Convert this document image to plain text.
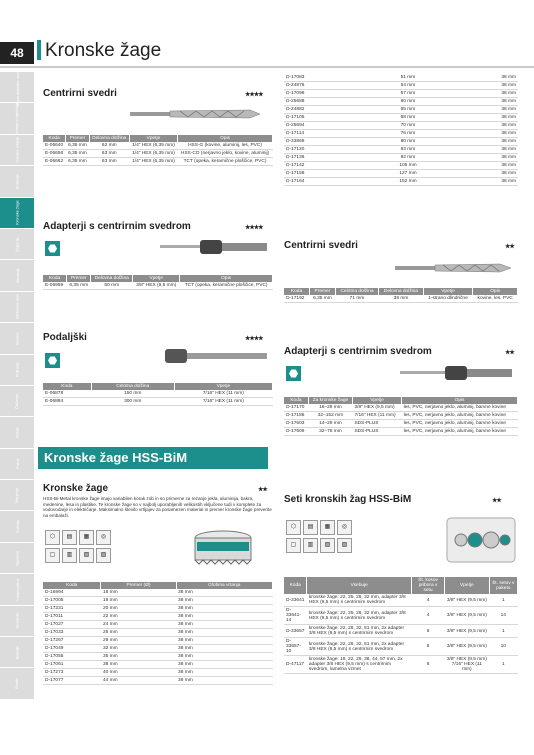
48	Kronske žage
Akumulatorsko orodje
Vrtanje in vijačenje
Udarno vrtanje
Brušenje
Kronske žage
Žaganje
Rezanje
Obdelava lesa
Kovine
Poliranje
Čiščenje
Ostalo
Pribor
Merjenje
Zaščita
Oprema
Vrtalni pribor
Sesalniki
Baterije
Servis
Centrirni svedri	★★★★
Koda	Premer	Delovna dolžina	Vpetje	Opis
E-06640	6,35 mm	62 mm	1/4" HEX (6,35 mm)	HSS-G (kovine, aluminij, les, PVC)
E-06656	6,35 mm	63 mm	1/4" HEX (6,35 mm)	HSS-CO (nerjavno jeklo, kovine, aluminij)
E-06662	6,35 mm	63 mm	1/4" HEX (6,35 mm)	TCT (opeka, keramične ploščice, PVC)
Adapterji s centrirnim svedrom	★★★★
Koda	Premer	Delovna dolžina	Vpetje	Opis
E-06959	6,35 mm	50 mm	3/8" HEX (9,5 mm)	TCT (opeka, keramične ploščice, PVC)
Podaljški	★★★★
Koda	Celotna dolžina	Vpetje
E-06878	150 mm	7/16" HEX (11 mm)
E-06884	300 mm	7/16" HEX (11 mm)
Kronske žage HSS-BiM
Kronske žage	★★
HSS-Bi-Metal kronske žage imajo variabilen korak zob in so primerne za rezanje jekla, aluminija, bakra, medenine, lesa in plastike. Te kronske žage so v najbolj uporabljenih velikostih vključene tudi v komplete za vodovodarje in električarje. Maksimalno število vrtljajev za posamezen material in premer kronske žage preverite na embalaži.
⬡	▤	▦	◎
▢	▥	▧	▨
Koda	Premer (Ø)	Globina vrtanja
D-16994	16 mm	38 mm
D-17005	19 mm	38 mm
D-17231	20 mm	38 mm
D-17011	22 mm	38 mm
D-17027	24 mm	38 mm
D-17033	25 mm	38 mm
D-17267	29 mm	38 mm
D-17049	32 mm	38 mm
D-17055	35 mm	38 mm
D-17061	38 mm	38 mm
D-17273	40 mm	38 mm
D-17077	44 mm	38 mm
D-17083	51 mm	38 mm
D-24876	54 mm	38 mm
D-17099	57 mm	38 mm
D-25688	60 mm	38 mm
D-24882	65 mm	38 mm
D-17105	68 mm	38 mm
D-25694	70 mm	38 mm
D-17114	76 mm	38 mm
D-33869	80 mm	38 mm
D-17120	83 mm	38 mm
D-17136	92 mm	38 mm
D-17142	105 mm	38 mm
D-17158	127 mm	38 mm
D-17164	152 mm	38 mm
Centrirni svedri	★★
Koda	Premer	Celotna dolžina	Delovna dolžina	Vpetje	Opis
D-17192	6,35 mm	71 mm	38 mm	1-strano dlindrične	kovine, les, PVC
Adapterji s centrirnim svedrom	★★
Koda	Za kronske žage	Vpetje	Opis
D-17170	16–29 mm	3/8" HEX (9,5 mm)	les, PVC, nerjavno jeklo, aluminij, barvne kovine
D-17186	32–152 mm	7/16" HEX (11 mm)	les, PVC, nerjavno jeklo, aluminij, barvne kovine
D-17603	14–29 mm	SDS-PLUS	les, PVC, nerjavno jeklo, aluminij, barvne kovine
D-17609	32–76 mm	SDS-PLUS	les, PVC, nerjavno jeklo, aluminij, barvne kovine
Seti kronskih žag HSS-BiM	★★
⬡	▤	▦	◎
▢	▥	▧	▨
Koda	Vsebuje	Št. kosov pribora v setu	Vpetje	Št. setov v paketu
D-33641	kronske žage: 22, 25, 29, 32 mm, adapter 3/8 HEX (9,5 mm) s centrirnim svedrom	4	3/8" HEX (9,5 mm)	1
D-33641-14	kronske žage: 22, 25, 29, 32 mm, adapter 3/8 HEX (9,5 mm) s centrirnim svedrom	4	3/8" HEX (9,5 mm)	14
D-33657	kronske žage: 22, 29, 32, 51 mm, 2x adapter 3/8 HEX (9,5 mm) s centrirnim svedrom	6	3/8" HEX (9,5 mm)	1
D-33657-10	kronske žage: 22, 29, 32, 51 mm, 2x adapter 3/8 HEX (9,5 mm) s centrirnim svedrom	6	3/8" HEX (9,5 mm)	10
D-47117	kronske žage: 19, 22, 29, 38, 44, 57 mm, 2x adapter 3/8 HEX (9,5 mm) s centrirnim svedrom, lamelna vzmet	6	3/8" HEX (9,5 mm) 7/16" HEX (11 mm)	1
